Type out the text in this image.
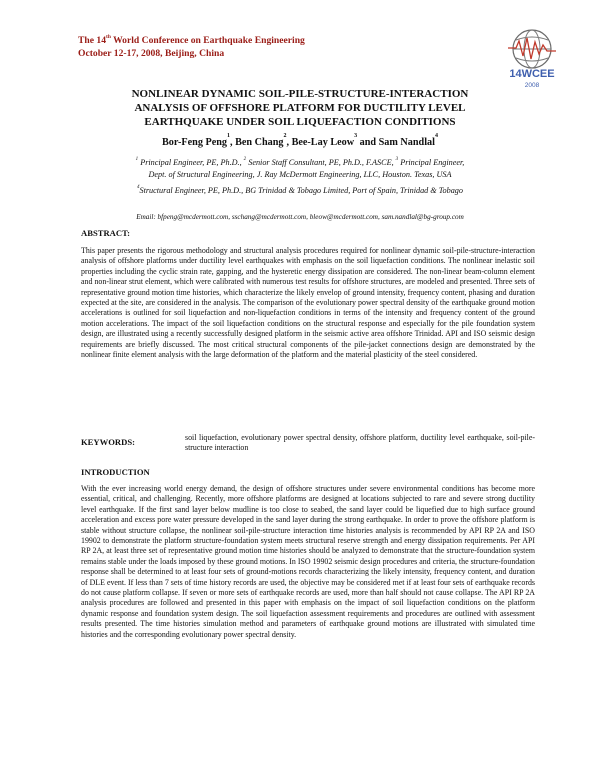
The 14th World Conference on Earthquake Engineering
October 12-17, 2008, Beijing, China
14WCEE
2008
NONLINEAR DYNAMIC SOIL-PILE-STRUCTURE-INTERACTION
ANALYSIS OF OFFSHORE PLATFORM FOR DUCTILITY LEVEL
EARTHQUAKE UNDER SOIL LIQUEFACTION CONDITIONS
Bor-Feng Peng$^1$, Ben Chang$^2$, Bee-Lay Leow$^3$ and Sam Nandlal$^4$
$^1$ Principal Engineer, PE, Ph.D., $^2$ Senior Staff Consultant, PE, Ph.D., F.ASCE, $^3$ Principal Engineer,
Dept. of Structural Engineering, J. Ray McDermott Engineering, LLC, Houston. Texas, USA
$^4$Structural Engineer, PE, Ph.D., BG Trinidad & Tobago Limited, Port of Spain, Trinidad & Tobago
Email: bfpeng@mcdermott.com, sschang@mcdermott.com, bleow@mcdermott.com, sam.nandlal@bg-group.com
ABSTRACT:

This paper presents the rigorous methodology and structural analysis procedures required for nonlinear dynamic soil-pile-structure-interaction analysis of offshore platforms under ductility level earthquakes with emphasis on the soil liquefaction conditions. The nonlinear inelastic soil properties including the cyclic strain rate, gapping, and the hysteretic energy dissipation are considered. The non-linear beam-column element and non-linear strut element, which were calibrated with numerous test results for offshore structures, are modeled and presented. Three sets of representative ground motion time histories, which characterize the likely envelop of ground intensity, frequency content, phasing and duration expected at the site, are considered in the analysis. The comparison of the evolutionary power spectral density of the earthquake ground motion accelerations is outlined for soil liquefaction and non-liquefaction conditions in terms of the intensity and frequency content of the ground motion accelerations. The impact of the soil liquefaction conditions on the structural response and especially for the pile foundation system design, are illustrated using a recently successfully designed platform in the seismic active area offshore Trinidad. API and ISO seismic design requirements are briefly discussed. The most critical structural components of the pile-jacket connections design are demonstrated by the nonlinear finite element analysis with the large deformation of the platform and the material plasticity of the steel considered.

KEYWORDS:	soil liquefaction, evolutionary power spectral density, offshore platform, ductility level earthquake, soil-pile-structure interaction
INTRODUCTION

With the ever increasing world energy demand, the design of offshore structures under severe environmental conditions has become more essential, critical, and challenging. Recently, more offshore platforms are designed at locations subjected to rare and severe strong ductility level earthquake. If the first sand layer below mudline is too close to seabed, the sand layer could be liquefied due to high surface ground acceleration and excess pore water pressure developed in the sand layer during the strong earthquake. In order to prove the offshore platform is stable without structure collapse, the nonlinear soil-pile-structure interaction time histories analysis is recommended by API RP 2A and ISO 19902 to demonstrate the platform structure-foundation system meets structural reserve strength and energy dissipation requirements. Per API RP 2A, at least three set of representative ground motion time histories should be analyzed to demonstrate that the structure-foundation system remains stable under the loads imposed by these ground motions. In ISO 19902 seismic design procedures and criteria, the structure-foundation response shall be determined to at least four sets of ground-motions records characterizing the likely intensity, frequency content, and duration of DLE event. If less than 7 sets of time history records are used, the objective may be considered met if at least four sets of earthquake records do not cause platform collapse. If seven or more sets of earthquake records are used, more than half should not cause collapse. The API RP 2A analysis procedures are followed and presented in this paper with emphasis on the impact of soil liquefaction conditions on the platform dynamic response and foundation system design. The soil liquefaction assessment requirements and procedures are outlined with assessment results presented. The time histories simulation method and parameters of earthquake ground motions are illustrated with simulated time histories and the corresponding evolutionary power spectral density.
